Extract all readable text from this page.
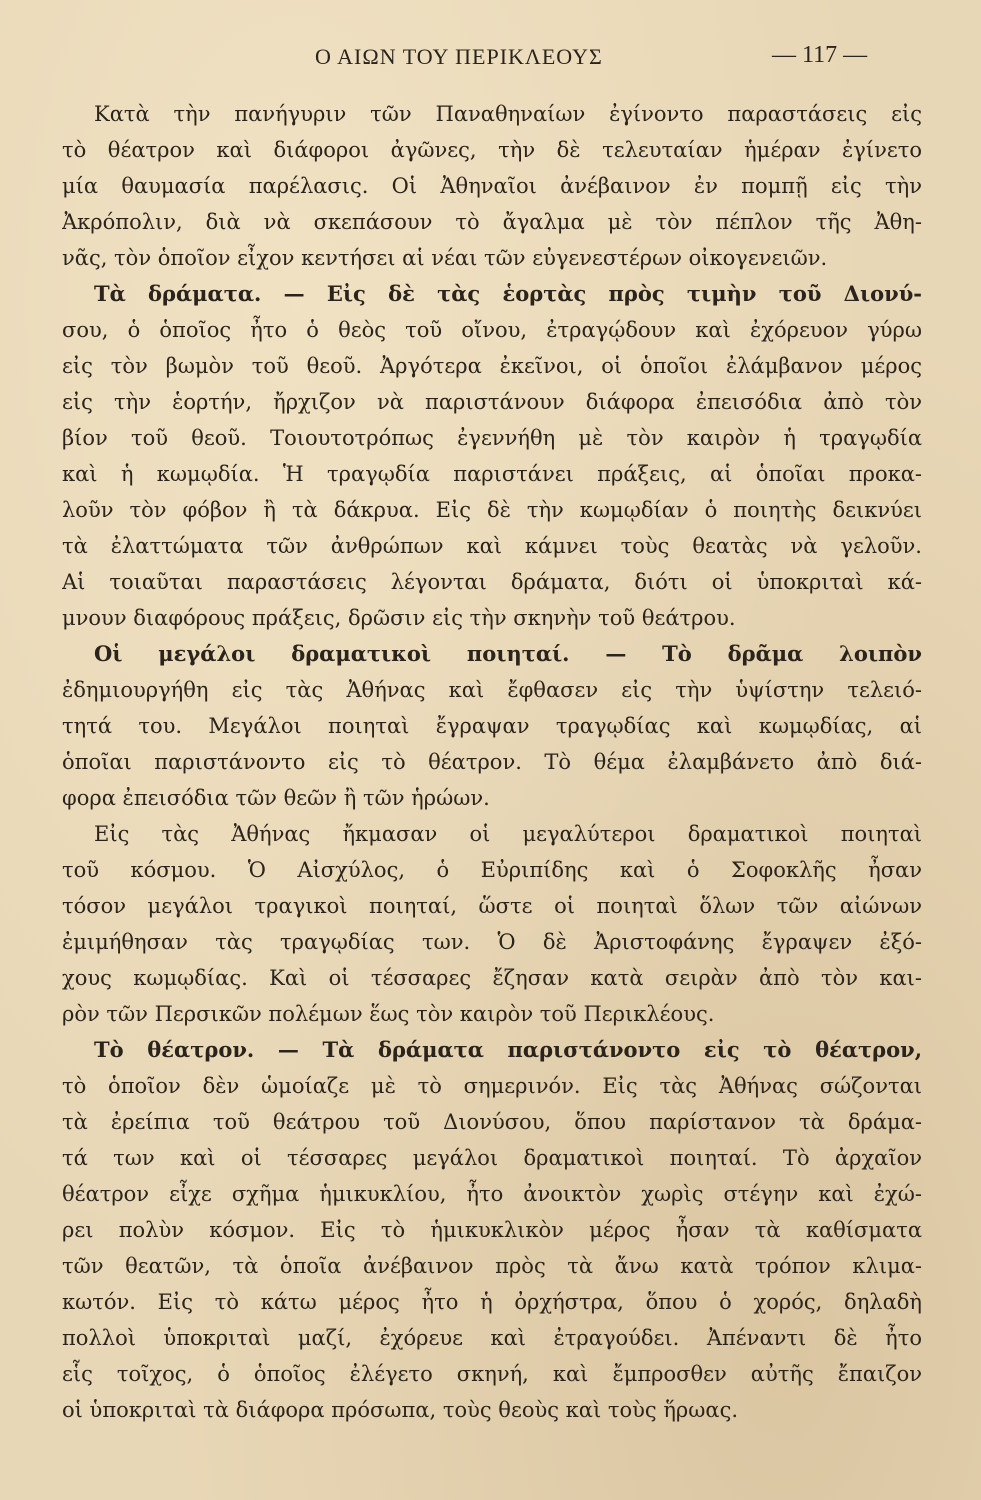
Ο ΑΙΩΝ ΤΟΥ ΠΕΡΙΚΛΕΟΥΣ	— 117 —
Κατὰ τὴν πανήγυριν τῶν Παναθηναίων ἐγίνοντο παραστάσεις εἰς
τὸ θέατρον καὶ διάφοροι ἀγῶνες, τὴν δὲ τελευταίαν ἡμέραν ἐγίνετο
μία θαυμασία παρέλασις. Οἱ Ἀθηναῖοι ἀνέβαινον ἐν πομπῇ εἰς τὴν
Ἀκρόπολιν, διὰ νὰ σκεπάσουν τὸ ἄγαλμα μὲ τὸν πέπλον τῆς Ἀθη-
νᾶς, τὸν ὁποῖον εἶχον κεντήσει αἱ νέαι τῶν εὐγενεστέρων οἰκογενειῶν.
Τὰ δράματα. — Εἰς δὲ τὰς ἑορτὰς πρὸς τιμὴν τοῦ Διονύ-
σου, ὁ ὁποῖος ἦτο ὁ θεὸς τοῦ οἴνου, ἐτραγῴδουν καὶ ἐχόρευον γύρω
εἰς τὸν βωμὸν τοῦ θεοῦ. Ἀργότερα ἐκεῖνοι, οἱ ὁποῖοι ἐλάμβανον μέρος
εἰς τὴν ἑορτήν, ἤρχιζον νὰ παριστάνουν διάφορα ἐπεισόδια ἀπὸ τὸν
βίον τοῦ θεοῦ. Τοιουτοτρόπως ἐγεννήθη μὲ τὸν καιρὸν ἡ τραγῳδία
καὶ ἡ κωμῳδία. Ἡ τραγῳδία παριστάνει πράξεις, αἱ ὁποῖαι προκα-
λοῦν τὸν φόβον ἢ τὰ δάκρυα. Εἰς δὲ τὴν κωμῳδίαν ὁ ποιητὴς δεικνύει
τὰ ἐλαττώματα τῶν ἀνθρώπων καὶ κάμνει τοὺς θεατὰς νὰ γελοῦν.
Αἱ τοιαῦται παραστάσεις λέγονται δράματα, διότι οἱ ὑποκριταὶ κά-
μνουν διαφόρους πράξεις, δρῶσιν εἰς τὴν σκηνὴν τοῦ θεάτρου.
Οἱ μεγάλοι δραματικοὶ ποιηταί. — Τὸ δρᾶμα λοιπὸν
ἐδημιουργήθη εἰς τὰς Ἀθήνας καὶ ἔφθασεν εἰς τὴν ὑψίστην τελειό-
τητά του. Μεγάλοι ποιηταὶ ἔγραψαν τραγῳδίας καὶ κωμῳδίας, αἱ
ὁποῖαι παριστάνοντο εἰς τὸ θέατρον. Τὸ θέμα ἐλαμβάνετο ἀπὸ διά-
φορα ἐπεισόδια τῶν θεῶν ἢ τῶν ἡρώων.
Εἰς τὰς Ἀθήνας ἤκμασαν οἱ μεγαλύτεροι δραματικοὶ ποιηταὶ
τοῦ κόσμου. Ὁ Αἰσχύλος, ὁ Εὐριπίδης καὶ ὁ Σοφοκλῆς ἦσαν
τόσον μεγάλοι τραγικοὶ ποιηταί, ὥστε οἱ ποιηταὶ ὅλων τῶν αἰώνων
ἐμιμήθησαν τὰς τραγῳδίας των. Ὁ δὲ Ἀριστοφάνης ἔγραψεν ἐξό-
χους κωμῳδίας. Καὶ οἱ τέσσαρες ἔζησαν κατὰ σειρὰν ἀπὸ τὸν και-
ρὸν τῶν Περσικῶν πολέμων ἕως τὸν καιρὸν τοῦ Περικλέους.
Τὸ θέατρον. — Τὰ δράματα παριστάνοντο εἰς τὸ θέατρον,
τὸ ὁποῖον δὲν ὡμοίαζε μὲ τὸ σημερινόν. Εἰς τὰς Ἀθήνας σώζονται
τὰ ἐρείπια τοῦ θεάτρου τοῦ Διονύσου, ὅπου παρίστανον τὰ δράμα-
τά των καὶ οἱ τέσσαρες μεγάλοι δραματικοὶ ποιηταί. Τὸ ἀρχαῖον
θέατρον εἶχε σχῆμα ἡμικυκλίου, ἦτο ἀνοικτὸν χωρὶς στέγην καὶ ἐχώ-
ρει πολὺν κόσμον. Εἰς τὸ ἡμικυκλικὸν μέρος ἦσαν τὰ καθίσματα
τῶν θεατῶν, τὰ ὁποῖα ἀνέβαινον πρὸς τὰ ἄνω κατὰ τρόπον κλιμα-
κωτόν. Εἰς τὸ κάτω μέρος ἦτο ἡ ὀρχήστρα, ὅπου ὁ χορός, δηλαδὴ
πολλοὶ ὑποκριταὶ μαζί, ἐχόρευε καὶ ἐτραγούδει. Ἀπέναντι δὲ ἦτο
εἷς τοῖχος, ὁ ὁποῖος ἐλέγετο σκηνή, καὶ ἔμπροσθεν αὐτῆς ἔπαιζον
οἱ ὑποκριταὶ τὰ διάφορα πρόσωπα, τοὺς θεοὺς καὶ τοὺς ἥρωας.
